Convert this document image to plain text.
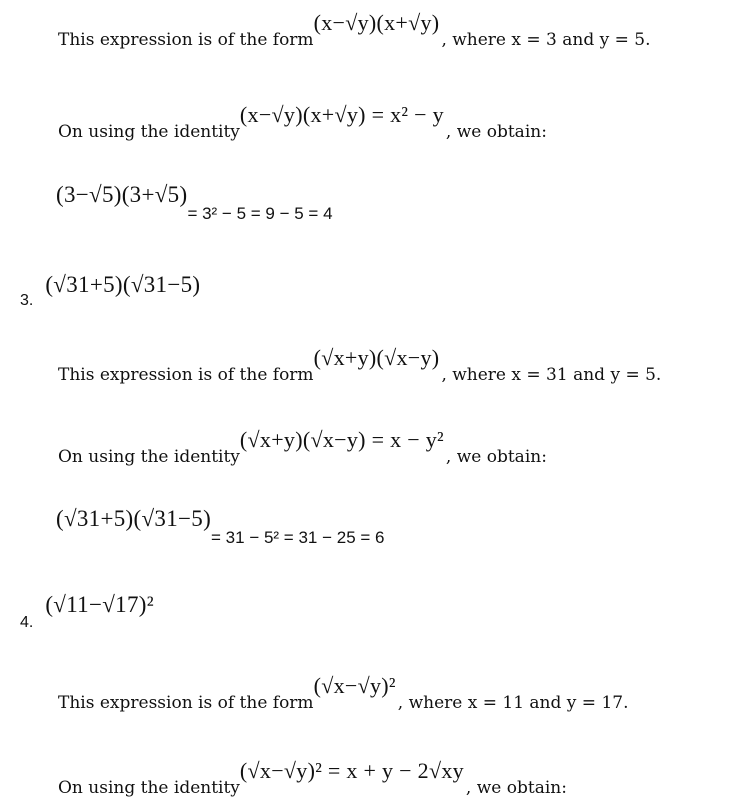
This expression is of the form
(x−√y)(x+√y)
, where x = 3 and y = 5.
On using the identity
(x−√y)(x+√y) = x² − y
, we obtain:
(3−√5)(3+√5)
= 3² − 5 = 9 − 5 = 4
3.
(√31+5)(√31−5)
This expression is of the form
(√x+y)(√x−y)
, where x = 31 and y = 5.
On using the identity
(√x+y)(√x−y) = x − y²
, we obtain:
(√31+5)(√31−5)
= 31 − 5² = 31 − 25 = 6
4.
(√11−√17)²
This expression is of the form
(√x−√y)²
, where x = 11 and y = 17.
On using the identity
(√x−√y)² = x + y − 2√xy
, we obtain:
